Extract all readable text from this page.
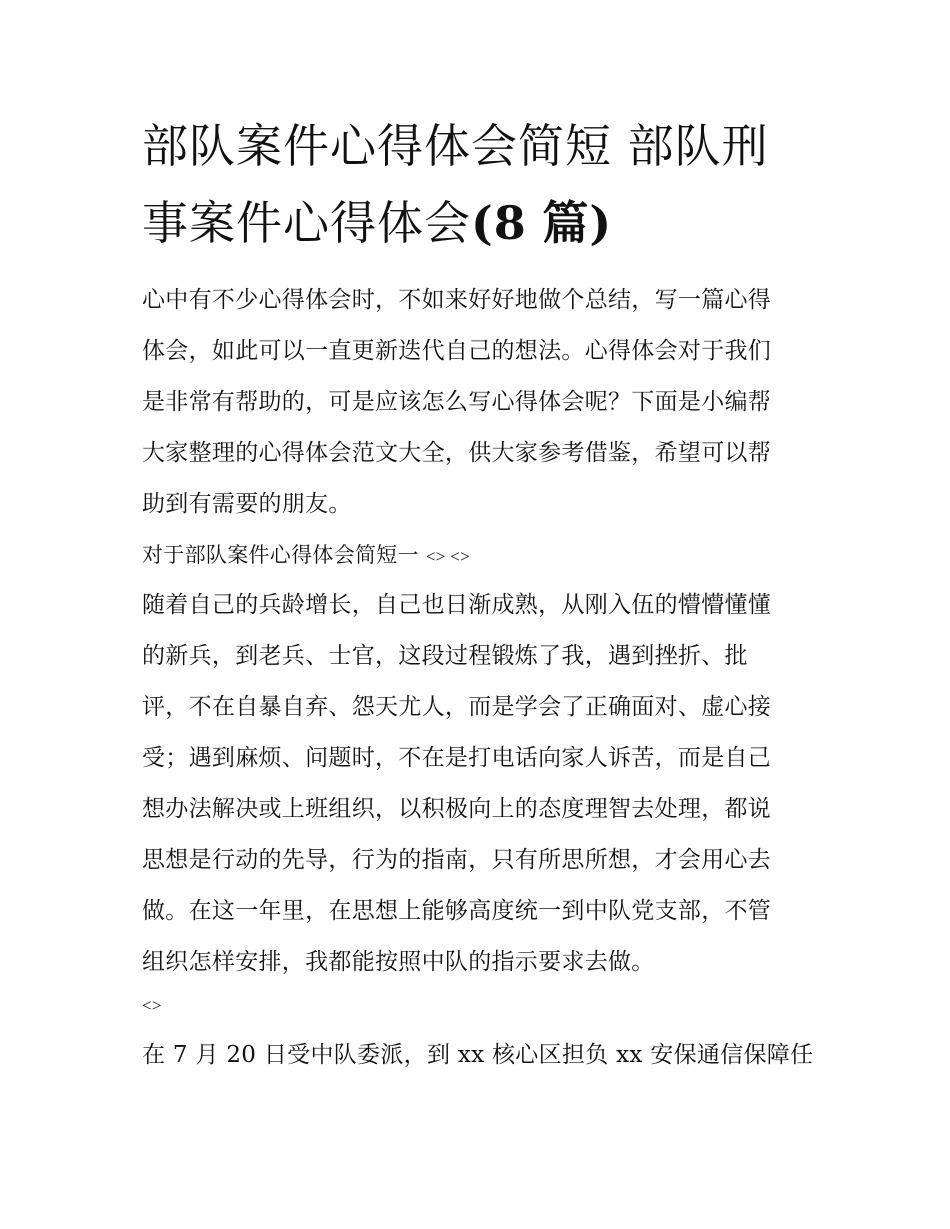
部队案件心得体会简短 部队刑
事案件心得体会(8 篇)
心中有不少心得体会时，不如来好好地做个总结，写一篇心得
体会，如此可以一直更新迭代自己的想法。心得体会对于我们
是非常有帮助的，可是应该怎么写心得体会呢？下面是小编帮
大家整理的心得体会范文大全，供大家参考借鉴，希望可以帮
助到有需要的朋友。
对于部队案件心得体会简短一 <> <>
随着自己的兵龄增长，自己也日渐成熟，从刚入伍的懵懵懂懂
的新兵，到老兵、士官，这段过程锻炼了我，遇到挫折、批
评，不在自暴自弃、怨天尤人，而是学会了正确面对、虚心接
受；遇到麻烦、问题时，不在是打电话向家人诉苦，而是自己
想办法解决或上班组织，以积极向上的态度理智去处理，都说
思想是行动的先导，行为的指南，只有所思所想，才会用心去
做。在这一年里，在思想上能够高度统一到中队党支部，不管
组织怎样安排，我都能按照中队的指示要求去做。
<>
在 7 月 20 日受中队委派，到 xx 核心区担负 xx 安保通信保障任
